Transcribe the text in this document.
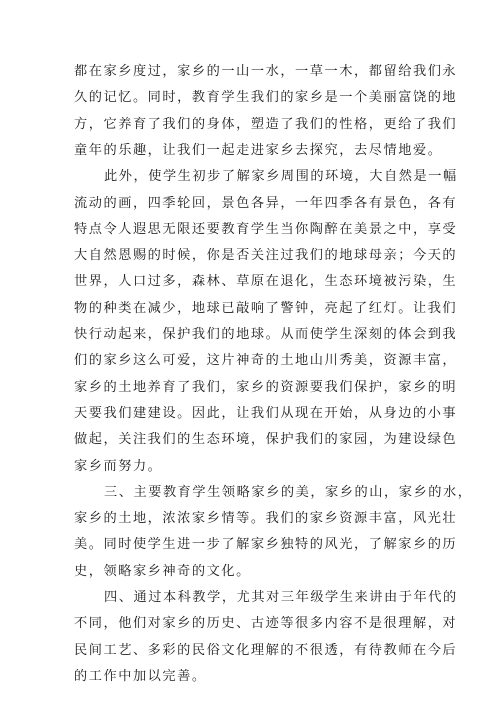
都在家乡度过，家乡的一山一水，一草一木，都留给我们永
久的记忆。同时，教育学生我们的家乡是一个美丽富饶的地
方，它养育了我们的身体，塑造了我们的性格，更给了我们
童年的乐趣，让我们一起走进家乡去探究，去尽情地爱。
此外，使学生初步了解家乡周围的环境，大自然是一幅
流动的画，四季轮回，景色各异，一年四季各有景色，各有
特点令人遐思无限还要教育学生当你陶醉在美景之中，享受
大自然恩赐的时候，你是否关注过我们的地球母亲；今天的
世界，人口过多，森林、草原在退化，生态环境被污染，生
物的种类在减少，地球已敲响了警钟，亮起了红灯。让我们
快行动起来，保护我们的地球。从而使学生深刻的体会到我
们的家乡这么可爱，这片神奇的土地山川秀美，资源丰富，
家乡的土地养育了我们，家乡的资源要我们保护，家乡的明
天要我们建建设。因此，让我们从现在开始，从身边的小事
做起，关注我们的生态环境，保护我们的家园，为建设绿色
家乡而努力。
三、主要教育学生领略家乡的美，家乡的山，家乡的水，
家乡的土地，浓浓家乡情等。我们的家乡资源丰富，风光壮
美。同时使学生进一步了解家乡独特的风光，了解家乡的历
史，领略家乡神奇的文化。
四、通过本科教学，尤其对三年级学生来讲由于年代的
不同，他们对家乡的历史、古迹等很多内容不是很理解，对
民间工艺、多彩的民俗文化理解的不很透，有待教师在今后
的工作中加以完善。
